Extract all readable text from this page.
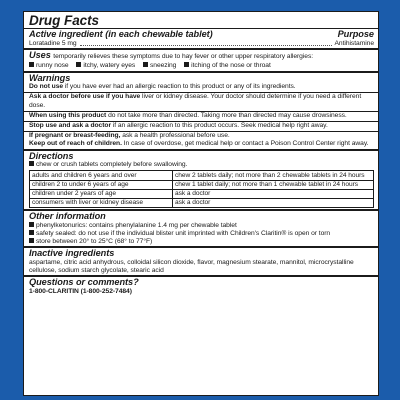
Drug Facts
Active ingredient (in each chewable tablet)	Purpose
Loratadine 5 mg	Antihistamine
Uses temporarily relieves these symptoms due to hay fever or other upper respiratory allergies:
runny nose itchy, watery eyes sneezing itching of the nose or throat
Warnings
Do not use if you have ever had an allergic reaction to this product or any of its ingredients.
Ask a doctor before use if you have liver or kidney disease. Your doctor should determine if you need a different dose.
When using this product do not take more than directed. Taking more than directed may cause drowsiness.
Stop use and ask a doctor if an allergic reaction to this product occurs. Seek medical help right away.
If pregnant or breast-feeding, ask a health professional before use.
Keep out of reach of children. In case of overdose, get medical help or contact a Poison Control Center right away.
Directions
chew or crush tablets completely before swallowing.
adults and children 6 years and over	chew 2 tablets daily; not more than 2 chewable tablets in 24 hours
children 2 to under 6 years of age	chew 1 tablet daily; not more than 1 chewable tablet in 24 hours
children under 2 years of age	ask a doctor
consumers with liver or kidney disease	ask a doctor
Other information
phenylketonurics: contains phenylalanine 1.4 mg per chewable tablet
safety sealed: do not use if the individual blister unit imprinted with Children's Claritin® is open or torn
store between 20° to 25°C (68° to 77°F)
Inactive ingredients
aspartame, citric acid anhydrous, colloidal silicon dioxide, flavor, magnesium stearate, mannitol, microcrystalline cellulose, sodium starch glycolate, stearic acid
Questions or comments?
1-800-CLARITIN (1-800-252-7484)
